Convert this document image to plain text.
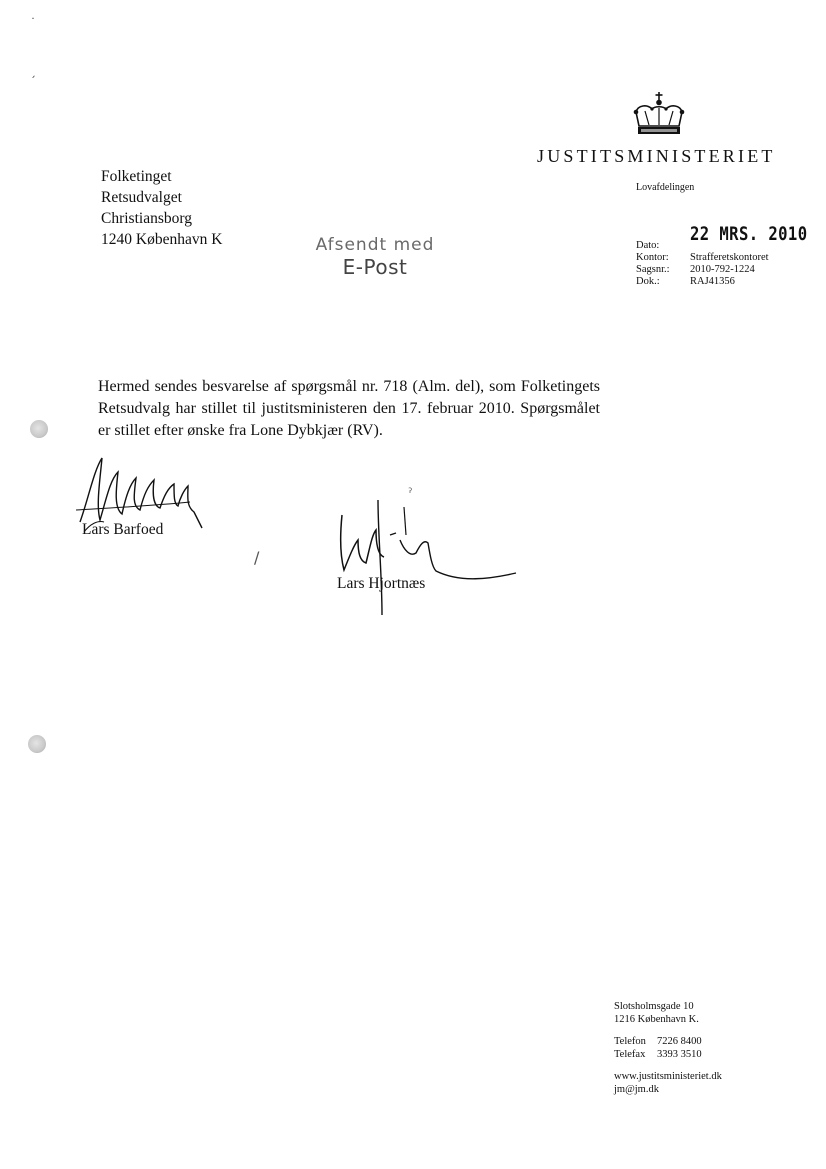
˙
ˏ
Folketinget
Retsudvalget
Christiansborg
1240 København K	Afsendt med
E-Post
JUSTITSMINISTERIET
Lovafdelingen
Dato:
22 MRS. 2010
Kontor:	Strafferetskontoret
Sagsnr.:	2010-792-1224
Dok.:	RAJ41356

Hermed sendes besvarelse af spørgsmål nr. 718 (Alm. del), som Folketingets Retsudvalg har stillet til justitsministeren den 17. februar 2010. Spørgsmålet er stillet efter ønske fra Lone Dybkjær (RV).

Lars Barfoed
ˀ
/
Lars Hjortnæs
Slotsholmsgade 10
1216 København K.
Telefon	7226 8400
Telefax	3393 3510
www.justitsministeriet.dk
jm@jm.dk
